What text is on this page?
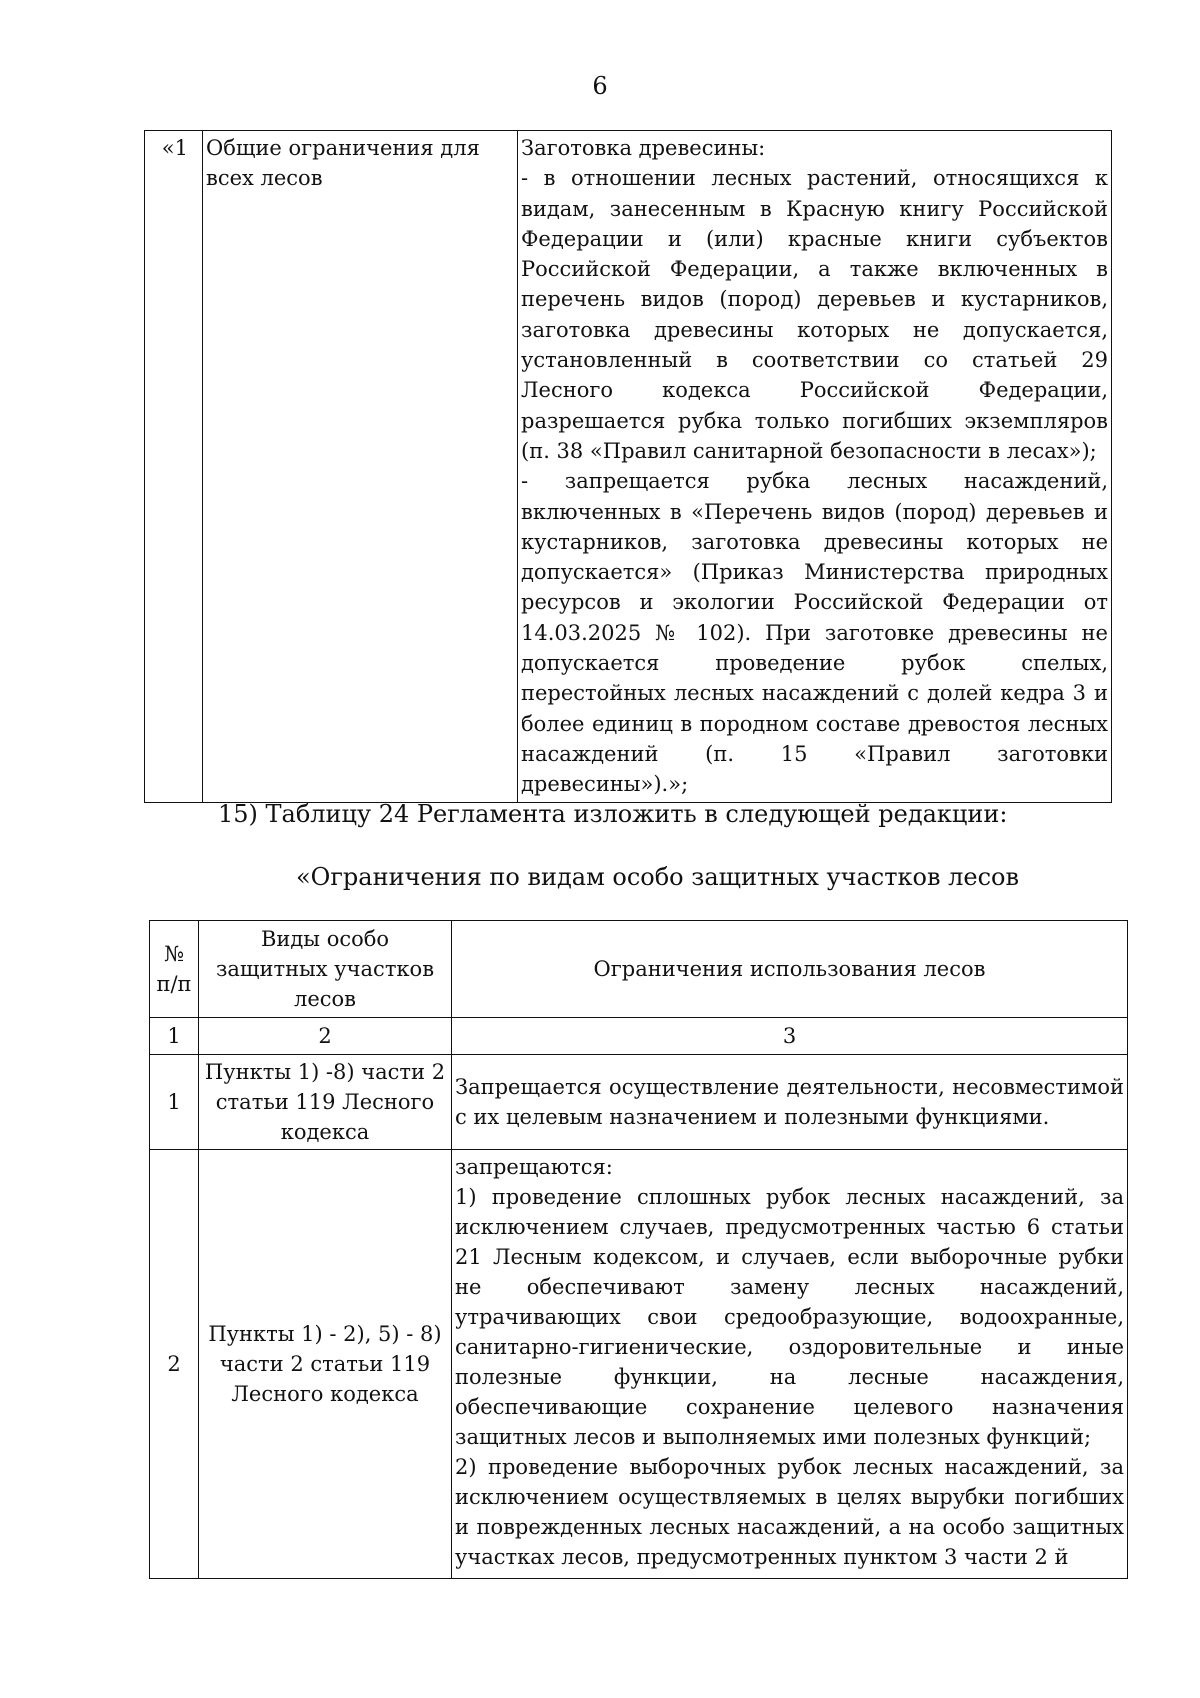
6
«1	Общие ограничения для всех лесов	

Заготовка древесины:

- в отношении лесных растений, относящихся к видам, занесенным в Красную книгу Российской Федерации и (или) красные книги субъектов Российской Федерации, а также включенных в перечень видов (пород) деревьев и кустарников, заготовка древесины которых не допускается, установленный в соответствии со статьей 29 Лесного кодекса Российской Федерации, разрешается рубка только погибших экземпляров (п. 38 «Правил санитарной безопасности в лесах»);

- запрещается рубка лесных насаждений, включенных в «Перечень видов (пород) деревьев и кустарников, заготовка древесины которых не допускается» (Приказ Министерства природных ресурсов и экологии Российской Федерации от 14.03.2025 № 102). При заготовке древесины не допускается проведение рубок спелых, перестойных лесных насаждений с долей кедра 3 и более единиц в породном составе древостоя лесных насаждений (п. 15 «Правил заготовки древесины»).»;

15) Таблицу 24 Регламента изложить в следующей редакции:
«Ограничения по видам особо защитных участков лесов
№ п/п	Виды особо защитных участков лесов	Ограничения использования лесов
1	2	3
1	Пункты 1) -8) части 2 статьи 119 Лесного кодекса	Запрещается осуществление деятельности, несовместимой с их целевым назначением и полезными функциями.

2	Пункты 1) - 2), 5) - 8) части 2 статьи 119 Лесного кодекса	запрещаются:

1) проведение сплошных рубок лесных насаждений, за исключением случаев, предусмотренных частью 6 статьи 21 Лесным кодексом, и случаев, если выборочные рубки не обеспечивают замену лесных насаждений, утрачивающих свои средообразующие, водоохранные, санитарно-гигиенические, оздоровительные и иные полезные функции, на лесные насаждения, обеспечивающие сохранение целевого назначения защитных лесов и выполняемых ими полезных функций;

2) проведение выборочных рубок лесных насаждений, за исключением осуществляемых в целях вырубки погибших и поврежденных лесных насаждений, а на особо защитных участках лесов, предусмотренных пунктом 3 части 2 й
